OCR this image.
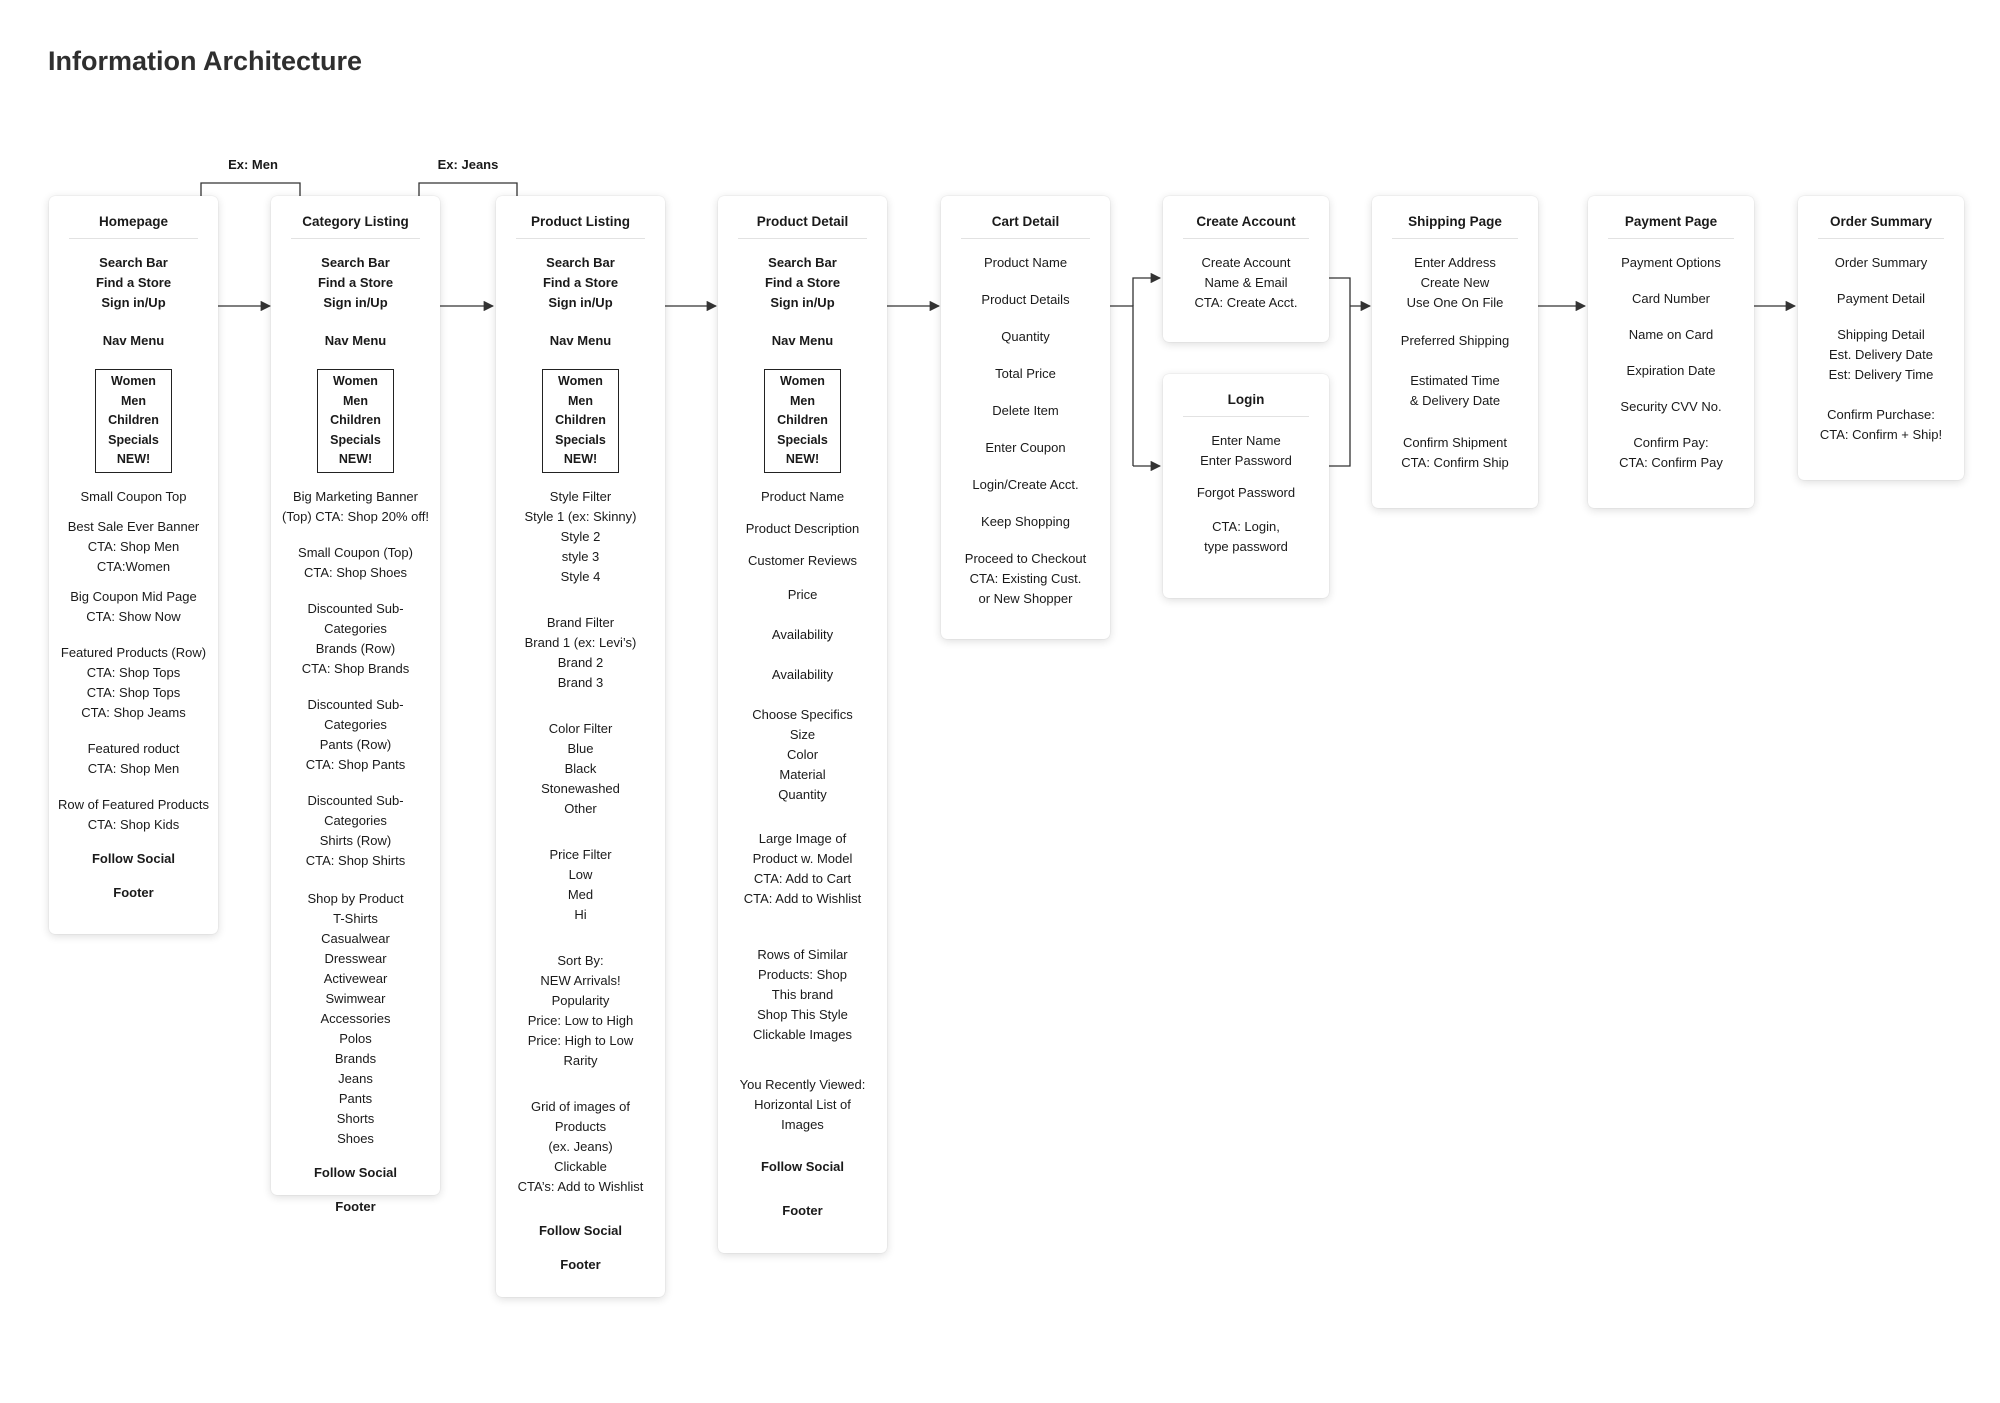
Information Architecture
Ex: Men	Ex: Jeans
Homepage
Search Bar
Find a Store
Sign in/Up
Nav Menu
Women
Men
Children
Specials
NEW!
Small Coupon Top
Best Sale Ever Banner
CTA: Shop Men
CTA:Women
Big Coupon Mid Page
CTA: Show Now
Featured Products (Row)
CTA: Shop Tops
CTA: Shop Tops
CTA: Shop Jeams
Featured roduct
CTA: Shop Men
Row of Featured Products
CTA: Shop Kids
Follow Social
Footer
Category Listing
Search Bar
Find a Store
Sign in/Up
Nav Menu
Women
Men
Children
Specials
NEW!
Big Marketing Banner
(Top) CTA: Shop 20% off!
Small Coupon (Top)
CTA: Shop Shoes
Discounted Sub-Categories
Brands (Row)
CTA: Shop Brands
Discounted Sub-Categories
Pants (Row)
CTA: Shop Pants
Discounted Sub-Categories
Shirts (Row)
CTA: Shop Shirts
Shop by Product
T-Shirts
Casualwear
Dresswear
Activewear
Swimwear
Accessories
Polos
Brands
Jeans
Pants
Shorts
Shoes
Follow Social
Footer
Product Listing
Search Bar
Find a Store
Sign in/Up
Nav Menu
Women
Men
Children
Specials
NEW!
Style Filter
Style 1 (ex: Skinny)
Style 2
style 3
Style 4
Brand Filter
Brand 1 (ex: Levi’s)
Brand 2
Brand 3
Color Filter
Blue
Black
Stonewashed
Other
Price Filter
Low
Med
Hi
Sort By:
NEW Arrivals!
Popularity
Price: Low to High
Price: High to Low
Rarity
Grid of images of
Products
(ex. Jeans)
Clickable
CTA’s: Add to Wishlist
Follow Social
Footer
Product Detail
Search Bar
Find a Store
Sign in/Up
Nav Menu
Women
Men
Children
Specials
NEW!
Product Name
Product Description
Customer Reviews
Price
Availability
Availability
Choose Specifics
Size
Color
Material
Quantity
Large Image of
Product w. Model
CTA: Add to Cart
CTA: Add to Wishlist
Rows of Similar
Products: Shop
This brand
Shop This Style
Clickable Images
You Recently Viewed:
Horizontal List of
Images
Follow Social
Footer
Cart Detail
Product Name
Product Details
Quantity
Total Price
Delete Item
Enter Coupon
Login/Create Acct.
Keep Shopping
Proceed to Checkout
CTA: Existing Cust.
or New Shopper
Create Account
Create Account
Name & Email
CTA: Create Acct.
Login
Enter Name
Enter Password
Forgot Password
CTA: Login,
type password
Shipping Page
Enter Address
Create New
Use One On File
Preferred Shipping
Estimated Time
& Delivery Date
Confirm Shipment
CTA: Confirm Ship
Payment Page
Payment Options
Card Number
Name on Card
Expiration Date
Security CVV No.
Confirm Pay:
CTA: Confirm Pay
Order Summary
Order Summary
Payment Detail
Shipping Detail
Est. Delivery Date
Est: Delivery Time
Confirm Purchase:
CTA: Confirm + Ship!
